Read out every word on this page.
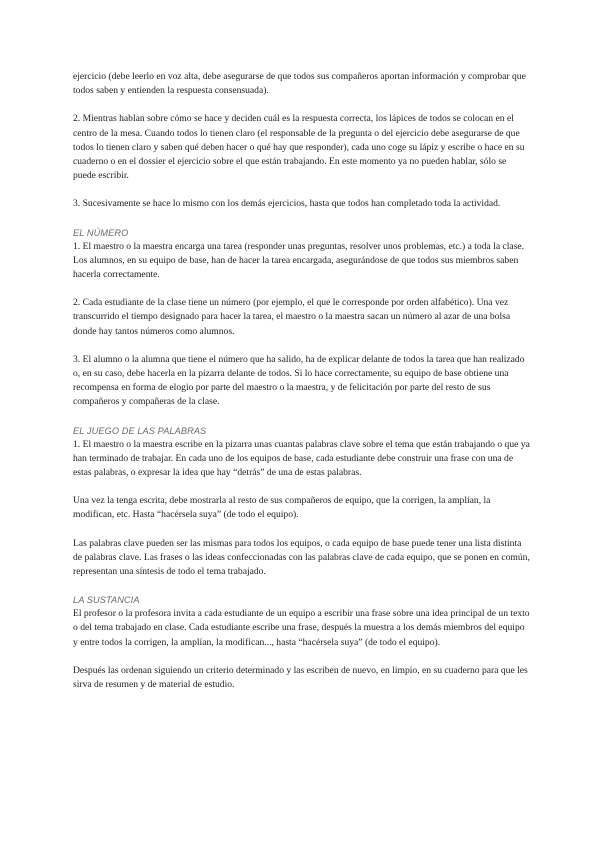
ejercicio (debe leerlo en voz alta, debe asegurarse de que todos sus compañeros aportan información y comprobar que todos saben y entienden la respuesta consensuada).

2. Mientras hablan sobre cómo se hace y deciden cuál es la respuesta correcta, los lápices de todos se colocan en el centro de la mesa. Cuando todos lo tienen claro (el responsable de la pregunta o del ejercicio debe asegurarse de que todos lo tienen claro y saben qué deben hacer o qué hay que responder), cada uno coge su lápiz y escribe o hace en su cuaderno o en el dossier el ejercicio sobre el que están trabajando. En este momento ya no pueden hablar, sólo se puede escribir.

3. Sucesivamente se hace lo mismo con los demás ejercicios, hasta que todos han completado toda la actividad.

EL NÚMERO

1. El maestro o la maestra encarga una tarea (responder unas preguntas, resolver unos problemas, etc.) a toda la clase. Los alumnos, en su equipo de base, han de hacer la tarea encargada, asegurándose de que todos sus miembros saben hacerla correctamente.

2. Cada estudiante de la clase tiene un número (por ejemplo, el que le corresponde por orden alfabético). Una vez transcurrido el tiempo designado para hacer la tarea, el maestro o la maestra sacan un número al azar de una bolsa donde hay tantos números como alumnos.

3. El alumno o la alumna que tiene el número que ha salido, ha de explicar delante de todos la tarea que han realizado o, en su caso, debe hacerla en la pizarra delante de todos. Si lo hace correctamente, su equipo de base obtiene una recompensa en forma de elogio por parte del maestro o la maestra, y de felicitación por parte del resto de sus compañeros y compañeras de la clase.

EL JUEGO DE LAS PALABRAS

1. El maestro o la maestra escribe en la pizarra unas cuantas palabras clave sobre el tema que están trabajando o que ya han terminado de trabajar. En cada uno de los equipos de base, cada estudiante debe construir una frase con una de estas palabras, o expresar la idea que hay “detrás” de una de estas palabras.

Una vez la tenga escrita, debe mostrarla al resto de sus compañeros de equipo, que la corrigen, la amplían, la modifican, etc. Hasta “hacérsela suya” (de todo el equipo).

Las palabras clave pueden ser las mismas para todos los equipos, o cada equipo de base puede tener una lista distinta de palabras clave. Las frases o las ideas confeccionadas con las palabras clave de cada equipo, que se ponen en común, representan una síntesis de todo el tema trabajado.

LA SUSTANCIA

El profesor o la profesora invita a cada estudiante de un equipo a escribir una frase sobre una idea principal de un texto o del tema trabajado en clase. Cada estudiante escribe una frase, después la muestra a los demás miembros del equipo y entre todos la corrigen, la amplían, la modifican..., hasta “hacérsela suya” (de todo el equipo).

Después las ordenan siguiendo un criterio determinado y las escriben de nuevo, en limpio, en su cuaderno para que les sirva de resumen y de material de estudio.
